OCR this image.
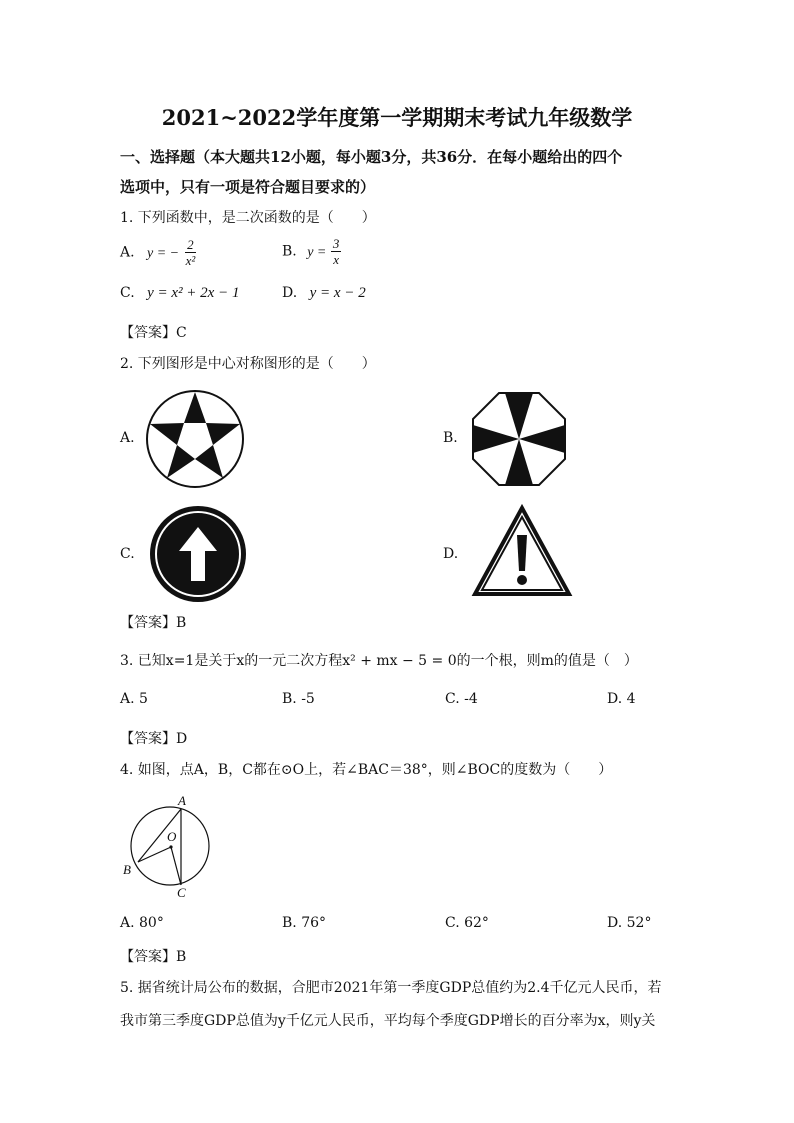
2021~2022学年度第一学期期末考试九年级数学
一、选择题（本大题共12小题，每小题3分，共36分．在每小题给出的四个
选项中，只有一项是符合题目要求的）
1. 下列函数中，是二次函数的是（　　）
A. y = − $\frac{2}{\text{x²}}$	B. $y = \frac{3}{x}$
C. y = x² + 2x − 1	D. y = x − 2
【答案】C
2. 下列图形是中心对称图形的是（　　）
A.	B.
C.	D.
【答案】B
3. 已知x=1是关于x的一元二次方程x² + mx − 5 = 0的一个根，则m的值是（　）
A. 5	B. -5	C. -4	D. 4
【答案】D
4. 如图，点A，B，C都在⊙O上，若∠BAC＝38°，则∠BOC的度数为（　　）
A
O
B
C
A. 80°	B. 76°	C. 62°	D. 52°
【答案】B
5. 据省统计局公布的数据，合肥市2021年第一季度GDP总值约为2.4千亿元人民币，若
我市第三季度GDP总值为y千亿元人民币，平均每个季度GDP增长的百分率为x，则y关
